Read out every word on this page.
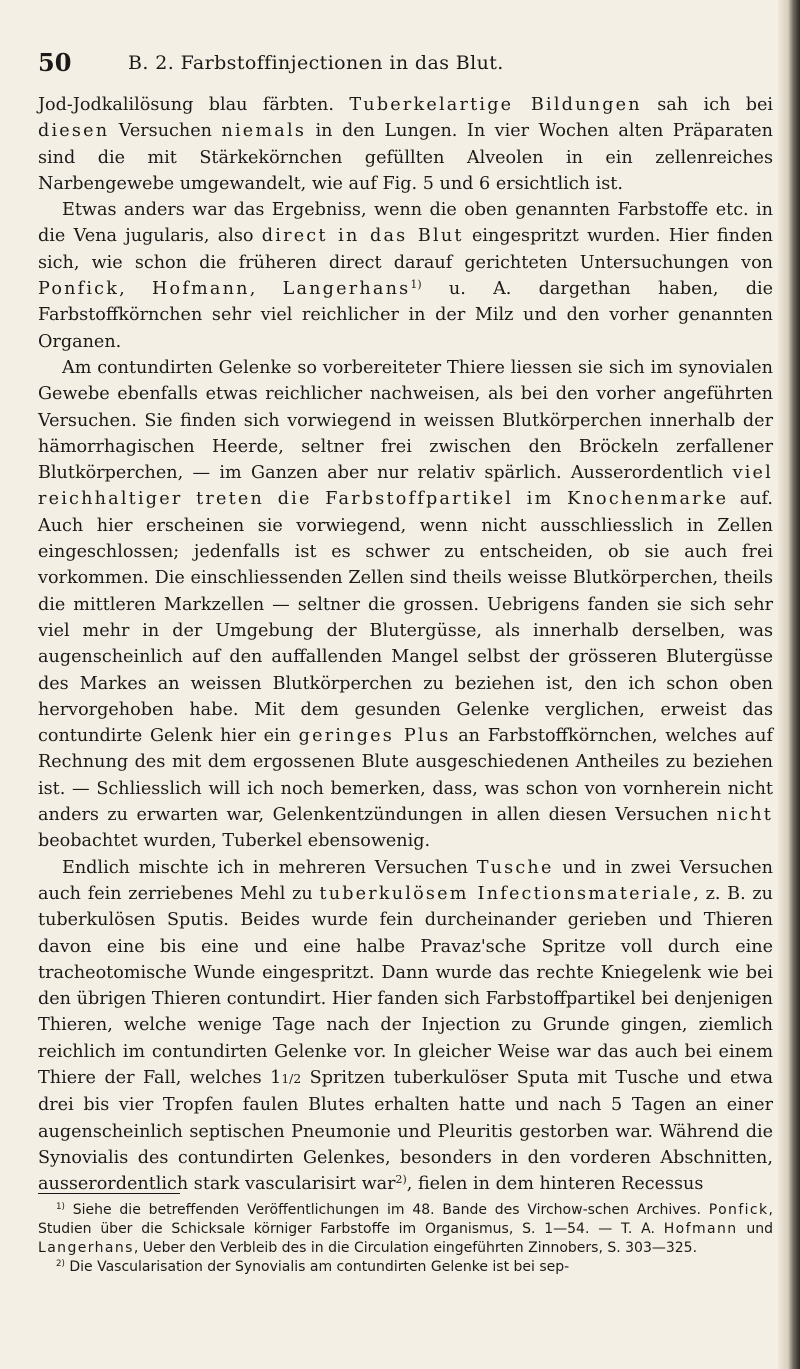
50	B. 2. Farbstoffinjectionen in das Blut.

Jod-Jodkalilösung blau färbten. Tuberkelartige Bildungen sah ich bei diesen Versuchen niemals in den Lungen. In vier Wochen alten Präparaten sind die mit Stärkekörnchen gefüllten Alveolen in ein zellenreiches Narbengewebe umgewandelt, wie auf Fig. 5 und 6 ersichtlich ist.

Etwas anders war das Ergebniss, wenn die oben genannten Farbstoffe etc. in die Vena jugularis, also direct in das Blut eingespritzt wurden. Hier finden sich, wie schon die früheren direct darauf gerichteten Untersuchungen von Ponfick, Hofmann, Langerhans$^{1)}$ u. A. dargethan haben, die Farbstoffkörnchen sehr viel reichlicher in der Milz und den vorher genannten Organen.

Am contundirten Gelenke so vorbereiteter Thiere liessen sie sich im synovialen Gewebe ebenfalls etwas reichlicher nachweisen, als bei den vorher angeführten Versuchen. Sie finden sich vorwiegend in weissen Blutkörperchen innerhalb der hämorrhagischen Heerde, seltner frei zwischen den Bröckeln zerfallener Blutkörperchen, — im Ganzen aber nur relativ spärlich. Ausserordentlich viel reichhaltiger treten die Farbstoffpartikel im Knochenmarke auf. Auch hier erscheinen sie vorwiegend, wenn nicht ausschliesslich in Zellen eingeschlossen; jedenfalls ist es schwer zu entscheiden, ob sie auch frei vorkommen. Die einschliessenden Zellen sind theils weisse Blutkörperchen, theils die mittleren Markzellen — seltner die grossen. Uebrigens fanden sie sich sehr viel mehr in der Umgebung der Blutergüsse, als innerhalb derselben, was augenscheinlich auf den auffallenden Mangel selbst der grösseren Blutergüsse des Markes an weissen Blutkörperchen zu beziehen ist, den ich schon oben hervorgehoben habe. Mit dem gesunden Gelenke verglichen, erweist das contundirte Gelenk hier ein geringes Plus an Farbstoffkörnchen, welches auf Rechnung des mit dem ergossenen Blute ausgeschiedenen Antheiles zu beziehen ist. — Schliesslich will ich noch bemerken, dass, was schon von vornherein nicht anders zu erwarten war, Gelenkentzündungen in allen diesen Versuchen nicht beobachtet wurden, Tuberkel ebensowenig.

Endlich mischte ich in mehreren Versuchen Tusche und in zwei Versuchen auch fein zerriebenes Mehl zu tuberkulösem Infectionsmateriale, z. B. zu tuberkulösen Sputis. Beides wurde fein durcheinander gerieben und Thieren davon eine bis eine und eine halbe Pravaz'sche Spritze voll durch eine tracheotomische Wunde eingespritzt. Dann wurde das rechte Kniegelenk wie bei den übrigen Thieren contundirt. Hier fanden sich Farbstoffpartikel bei denjenigen Thieren, welche wenige Tage nach der Injection zu Grunde gingen, ziemlich reichlich im contundirten Gelenke vor. In gleicher Weise war das auch bei einem Thiere der Fall, welches 11/2 Spritzen tuberkulöser Sputa mit Tusche und etwa drei bis vier Tropfen faulen Blutes erhalten hatte und nach 5 Tagen an einer augenscheinlich septischen Pneumonie und Pleuritis gestorben war. Während die Synovialis des contundirten Gelenkes, besonders in den vorderen Abschnitten, ausserordentlich stark vascularisirt war$^{2)}$, fielen in dem hinteren Recessus

$^{1)}$ Siehe die betreffenden Veröffentlichungen im 48. Bande des Virchow-schen Archives. Ponfick, Studien über die Schicksale körniger Farbstoffe im Organismus, S. 1—54. — T. A. Hofmann und Langerhans, Ueber den Verbleib des in die Circulation eingeführten Zinnobers, S. 303—325.

$^{2)}$ Die Vascularisation der Synovialis am contundirten Gelenke ist bei sep-
